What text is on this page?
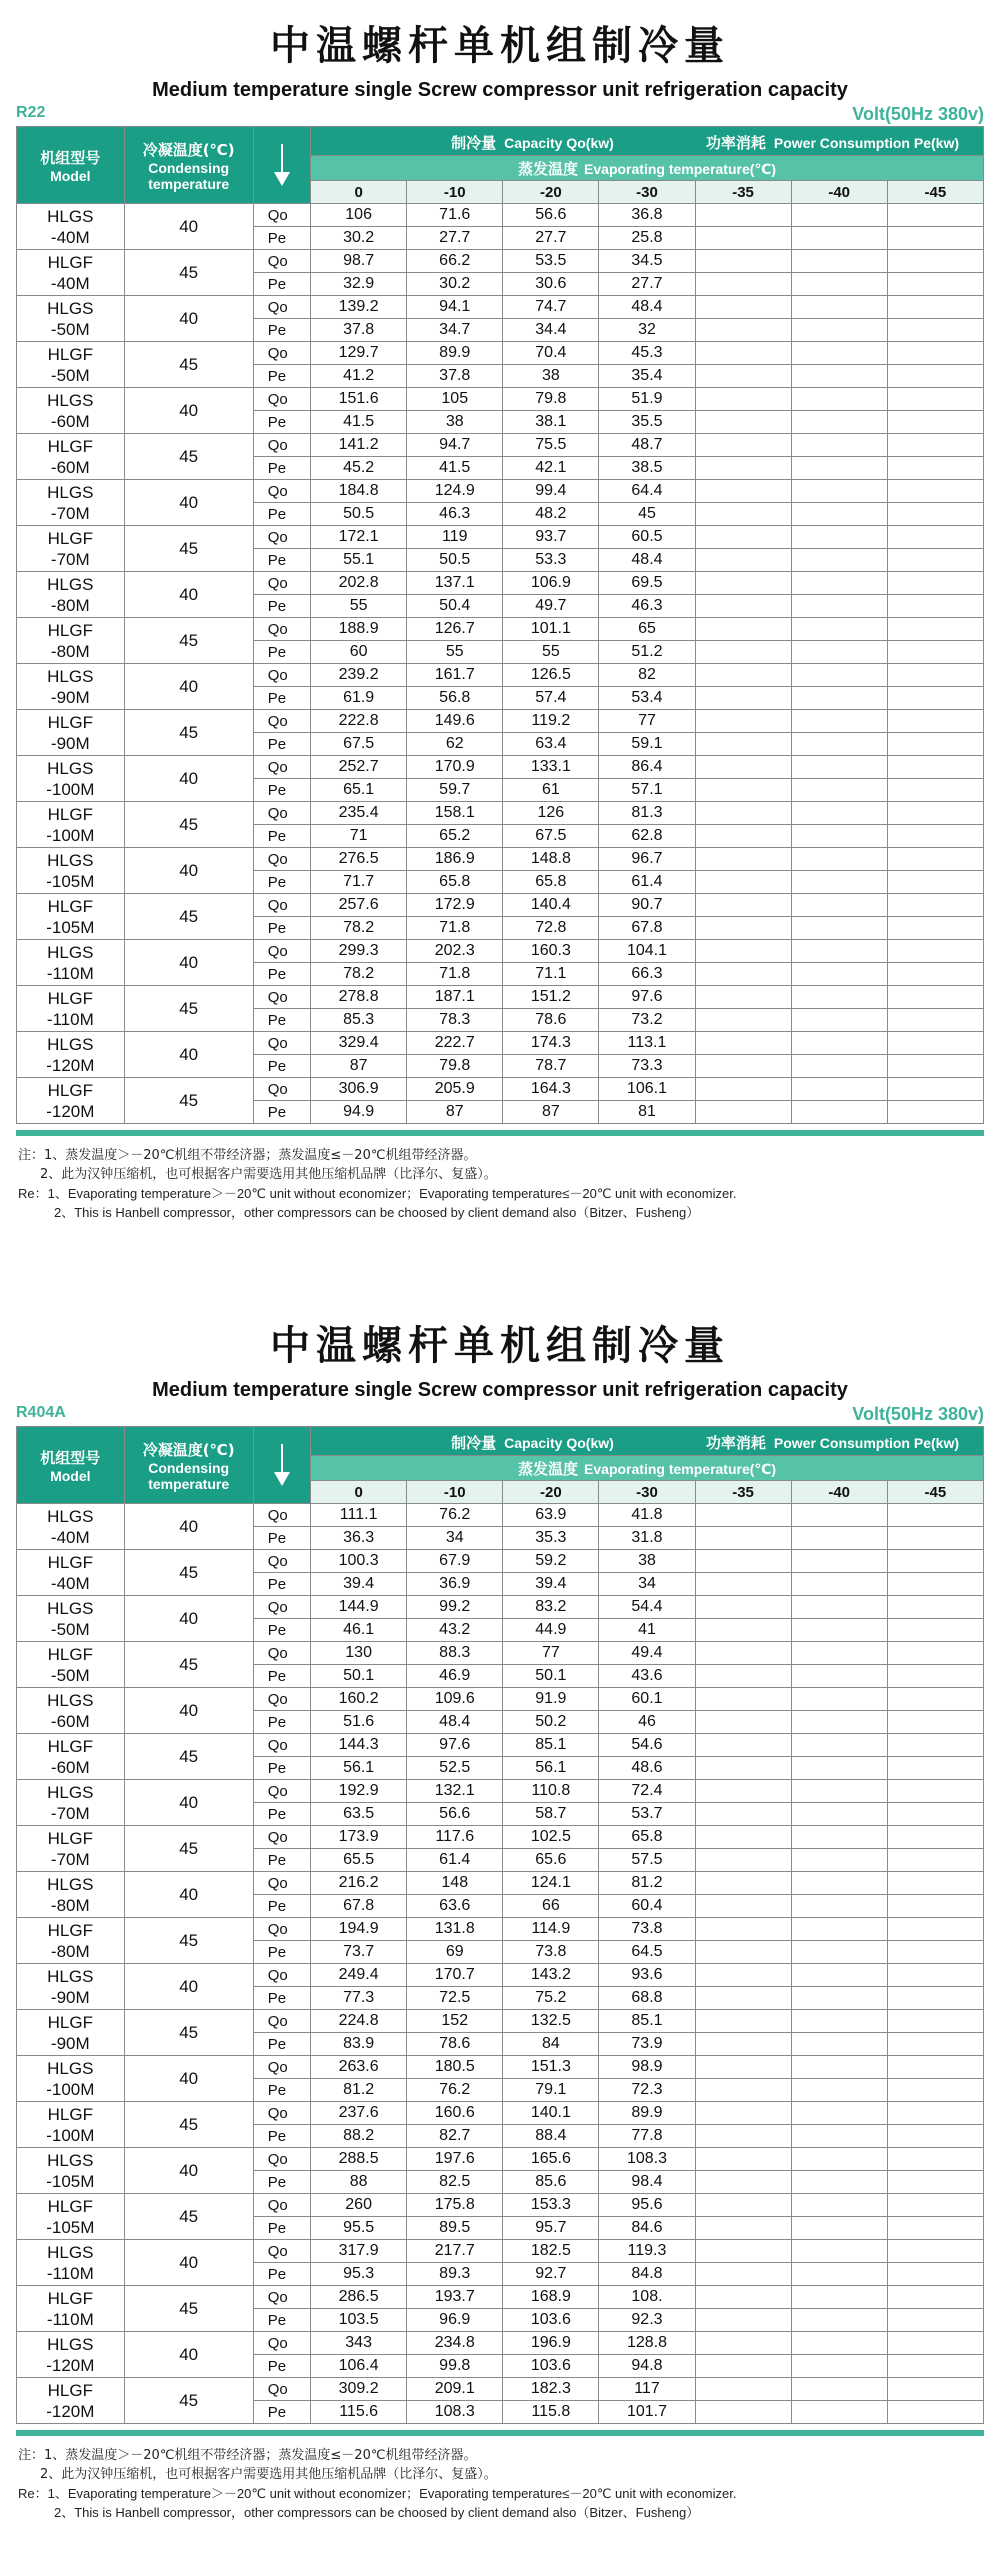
中温螺杆单机组制冷量
Medium temperature single Screw compressor unit refrigeration capacity
R22	Volt(50Hz 380v)
机组型号
Model	冷凝温度(℃)
Condensing
temperature		制冷量 Capacity Qo(kw) 功率消耗 Power Consumption Pe(kw)						

			蒸发温度 Evaporating temperature(℃)						
			0	-10	-20	-30	-35	-40	-45

HLGS
-40M	40	Qo	106	71.6	56.6	36.8			
		Pe	30.2	27.7	27.7	25.8			

HLGF
-40M	45	Qo	98.7	66.2	53.5	34.5			
		Pe	32.9	30.2	30.6	27.7			

HLGS
-50M	40	Qo	139.2	94.1	74.7	48.4			
		Pe	37.8	34.7	34.4	32			

HLGF
-50M	45	Qo	129.7	89.9	70.4	45.3			
		Pe	41.2	37.8	38	35.4			

HLGS
-60M	40	Qo	151.6	105	79.8	51.9			
		Pe	41.5	38	38.1	35.5			

HLGF
-60M	45	Qo	141.2	94.7	75.5	48.7			
		Pe	45.2	41.5	42.1	38.5			

HLGS
-70M	40	Qo	184.8	124.9	99.4	64.4			
		Pe	50.5	46.3	48.2	45			

HLGF
-70M	45	Qo	172.1	119	93.7	60.5			
		Pe	55.1	50.5	53.3	48.4			

HLGS
-80M	40	Qo	202.8	137.1	106.9	69.5			
		Pe	55	50.4	49.7	46.3			

HLGF
-80M	45	Qo	188.9	126.7	101.1	65			
		Pe	60	55	55	51.2			

HLGS
-90M	40	Qo	239.2	161.7	126.5	82			
		Pe	61.9	56.8	57.4	53.4			

HLGF
-90M	45	Qo	222.8	149.6	119.2	77			
		Pe	67.5	62	63.4	59.1			

HLGS
-100M	40	Qo	252.7	170.9	133.1	86.4			
		Pe	65.1	59.7	61	57.1			

HLGF
-100M	45	Qo	235.4	158.1	126	81.3			
		Pe	71	65.2	67.5	62.8			

HLGS
-105M	40	Qo	276.5	186.9	148.8	96.7			
		Pe	71.7	65.8	65.8	61.4			

HLGF
-105M	45	Qo	257.6	172.9	140.4	90.7			
		Pe	78.2	71.8	72.8	67.8			

HLGS
-110M	40	Qo	299.3	202.3	160.3	104.1			
		Pe	78.2	71.8	71.1	66.3			

HLGF
-110M	45	Qo	278.8	187.1	151.2	97.6			
		Pe	85.3	78.3	78.6	73.2			

HLGS
-120M	40	Qo	329.4	222.7	174.3	113.1			
		Pe	87	79.8	78.7	73.3			

HLGF
-120M	45	Qo	306.9	205.9	164.3	106.1			
		Pe	94.9	87	87	81			
注：1、蒸发温度＞－20℃机组不带经济器；蒸发温度≤－20℃机组带经济器。
2、此为汉钟压缩机，也可根据客户需要选用其他压缩机品牌（比泽尔、复盛）。
Re：1、Evaporating temperature＞－20℃ unit without economizer；Evaporating temperature≤－20℃ unit with economizer.
2、This is Hanbell compressor，other compressors can be choosed by client demand also（Bitzer、Fusheng）
中温螺杆单机组制冷量
Medium temperature single Screw compressor unit refrigeration capacity
R404A	Volt(50Hz 380v)
机组型号
Model	冷凝温度(℃)
Condensing
temperature		制冷量 Capacity Qo(kw) 功率消耗 Power Consumption Pe(kw)						

			蒸发温度 Evaporating temperature(℃)						
			0	-10	-20	-30	-35	-40	-45

HLGS
-40M	40	Qo	111.1	76.2	63.9	41.8			
		Pe	36.3	34	35.3	31.8			

HLGF
-40M	45	Qo	100.3	67.9	59.2	38			
		Pe	39.4	36.9	39.4	34			

HLGS
-50M	40	Qo	144.9	99.2	83.2	54.4			
		Pe	46.1	43.2	44.9	41			

HLGF
-50M	45	Qo	130	88.3	77	49.4			
		Pe	50.1	46.9	50.1	43.6			

HLGS
-60M	40	Qo	160.2	109.6	91.9	60.1			
		Pe	51.6	48.4	50.2	46			

HLGF
-60M	45	Qo	144.3	97.6	85.1	54.6			
		Pe	56.1	52.5	56.1	48.6			

HLGS
-70M	40	Qo	192.9	132.1	110.8	72.4			
		Pe	63.5	56.6	58.7	53.7			

HLGF
-70M	45	Qo	173.9	117.6	102.5	65.8			
		Pe	65.5	61.4	65.6	57.5			

HLGS
-80M	40	Qo	216.2	148	124.1	81.2			
		Pe	67.8	63.6	66	60.4			

HLGF
-80M	45	Qo	194.9	131.8	114.9	73.8			
		Pe	73.7	69	73.8	64.5			

HLGS
-90M	40	Qo	249.4	170.7	143.2	93.6			
		Pe	77.3	72.5	75.2	68.8			

HLGF
-90M	45	Qo	224.8	152	132.5	85.1			
		Pe	83.9	78.6	84	73.9			

HLGS
-100M	40	Qo	263.6	180.5	151.3	98.9			
		Pe	81.2	76.2	79.1	72.3			

HLGF
-100M	45	Qo	237.6	160.6	140.1	89.9			
		Pe	88.2	82.7	88.4	77.8			

HLGS
-105M	40	Qo	288.5	197.6	165.6	108.3			
		Pe	88	82.5	85.6	98.4			

HLGF
-105M	45	Qo	260	175.8	153.3	95.6			
		Pe	95.5	89.5	95.7	84.6			

HLGS
-110M	40	Qo	317.9	217.7	182.5	119.3			
		Pe	95.3	89.3	92.7	84.8			

HLGF
-110M	45	Qo	286.5	193.7	168.9	108.			
		Pe	103.5	96.9	103.6	92.3			

HLGS
-120M	40	Qo	343	234.8	196.9	128.8			
		Pe	106.4	99.8	103.6	94.8			

HLGF
-120M	45	Qo	309.2	209.1	182.3	117			
		Pe	115.6	108.3	115.8	101.7			
注：1、蒸发温度＞－20℃机组不带经济器；蒸发温度≤－20℃机组带经济器。
2、此为汉钟压缩机，也可根据客户需要选用其他压缩机品牌（比泽尔、复盛）。
Re：1、Evaporating temperature＞－20℃ unit without economizer；Evaporating temperature≤－20℃ unit with economizer.
2、This is Hanbell compressor，other compressors can be choosed by client demand also（Bitzer、Fusheng）
